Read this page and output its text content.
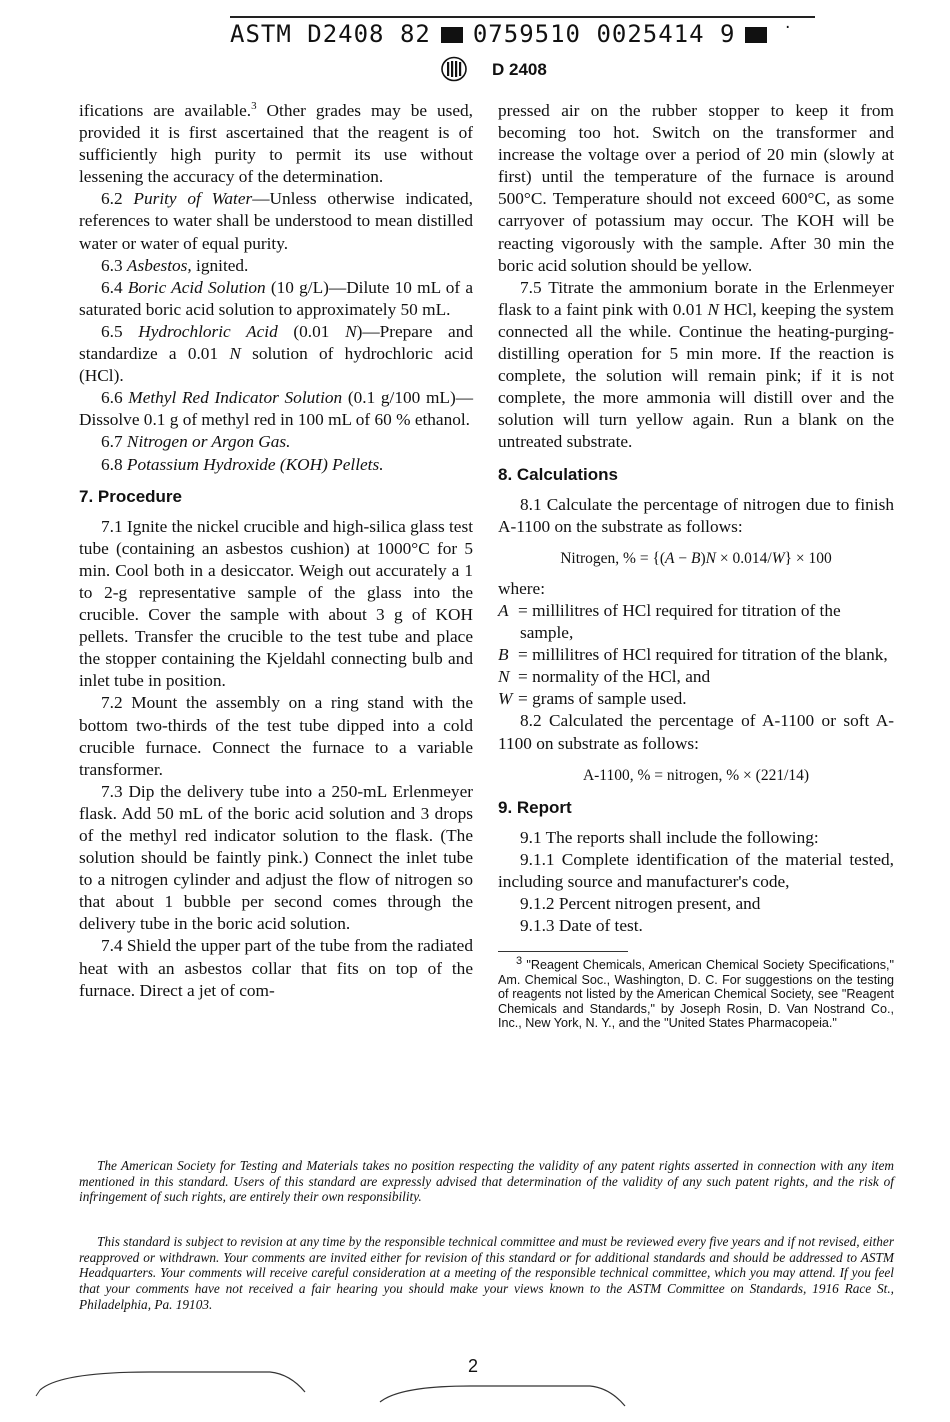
ASTM D2408 82 0759510 0025414 9	·
D 2408

ifications are available.$^3$ Other grades may be used, provided it is first ascertained that the reagent is of sufficiently high purity to permit its use without lessening the accuracy of the determination.

6.2 Purity of Water—Unless otherwise indicated, references to water shall be understood to mean distilled water or water of equal purity.

6.3 Asbestos, ignited.

6.4 Boric Acid Solution (10 g/L)—Dilute 10 mL of a saturated boric acid solution to approximately 50 mL.

6.5 Hydrochloric Acid (0.01 N)—Prepare and standardize a 0.01 N solution of hydrochloric acid (HCl).

6.6 Methyl Red Indicator Solution (0.1 g/100 mL)—Dissolve 0.1 g of methyl red in 100 mL of 60 % ethanol.

6.7 Nitrogen or Argon Gas.

6.8 Potassium Hydroxide (KOH) Pellets.

7. Procedure

7.1 Ignite the nickel crucible and high-silica glass test tube (containing an asbestos cushion) at 1000°C for 5 min. Cool both in a desiccator. Weigh out accurately a 1 to 2-g representative sample of the glass into the crucible. Cover the sample with about 3 g of KOH pellets. Transfer the crucible to the test tube and place the stopper containing the Kjeldahl connecting bulb and inlet tube in position.

7.2 Mount the assembly on a ring stand with the bottom two-thirds of the test tube dipped into a cold crucible furnace. Connect the furnace to a variable transformer.

7.3 Dip the delivery tube into a 250-mL Erlenmeyer flask. Add 50 mL of the boric acid solution and 3 drops of the methyl red indicator solution to the flask. (The solution should be faintly pink.) Connect the inlet tube to a nitrogen cylinder and adjust the flow of nitrogen so that about 1 bubble per second comes through the delivery tube in the boric acid solution.

7.4 Shield the upper part of the tube from the radiated heat with an asbestos collar that fits on top of the furnace. Direct a jet of com-

pressed air on the rubber stopper to keep it from becoming too hot. Switch on the transformer and increase the voltage over a period of 20 min (slowly at first) until the temperature of the furnace is around 500°C. Temperature should not exceed 600°C, as some carryover of potassium may occur. The KOH will be reacting vigorously with the sample. After 30 min the boric acid solution should be yellow.

7.5 Titrate the ammonium borate in the Erlenmeyer flask to a faint pink with 0.01 N HCl, keeping the system connected all the while. Continue the heating-purging-distilling operation for 5 min more. If the reaction is complete, the solution will remain pink; if it is not complete, the more ammonia will distill over and the solution will turn yellow again. Run a blank on the untreated substrate.

8. Calculations

8.1 Calculate the percentage of nitrogen due to finish A-1100 on the substrate as follows:

Nitrogen, % = {(A − B)N × 0.014/W} × 100

where:

A = millilitres of HCl required for titration of the sample,
B = millilitres of HCl required for titration of the blank,
N = normality of the HCl, and
W = grams of sample used.

8.2 Calculated the percentage of A-1100 or soft A-1100 on substrate as follows:

A-1100, % = nitrogen, % × (221/14)
9. Report

9.1 The reports shall include the following:

9.1.1 Complete identification of the material tested, including source and manufacturer's code,

9.1.2 Percent nitrogen present, and

9.1.3 Date of test.

$^3$ "Reagent Chemicals, American Chemical Society Specifications," Am. Chemical Soc., Washington, D. C. For suggestions on the testing of reagents not listed by the American Chemical Society, see "Reagent Chemicals and Standards," by Joseph Rosin, D. Van Nostrand Co., Inc., New York, N. Y., and the "United States Pharmacopeia."

The American Society for Testing and Materials takes no position respecting the validity of any patent rights asserted in connection with any item mentioned in this standard. Users of this standard are expressly advised that determination of the validity of any such patent rights, and the risk of infringement of such rights, are entirely their own responsibility.

This standard is subject to revision at any time by the responsible technical committee and must be reviewed every five years and if not revised, either reapproved or withdrawn. Your comments are invited either for revision of this standard or for additional standards and should be addressed to ASTM Headquarters. Your comments will receive careful consideration at a meeting of the responsible technical committee, which you may attend. If you feel that your comments have not received a fair hearing you should make your views known to the ASTM Committee on Standards, 1916 Race St., Philadelphia, Pa. 19103.

2
